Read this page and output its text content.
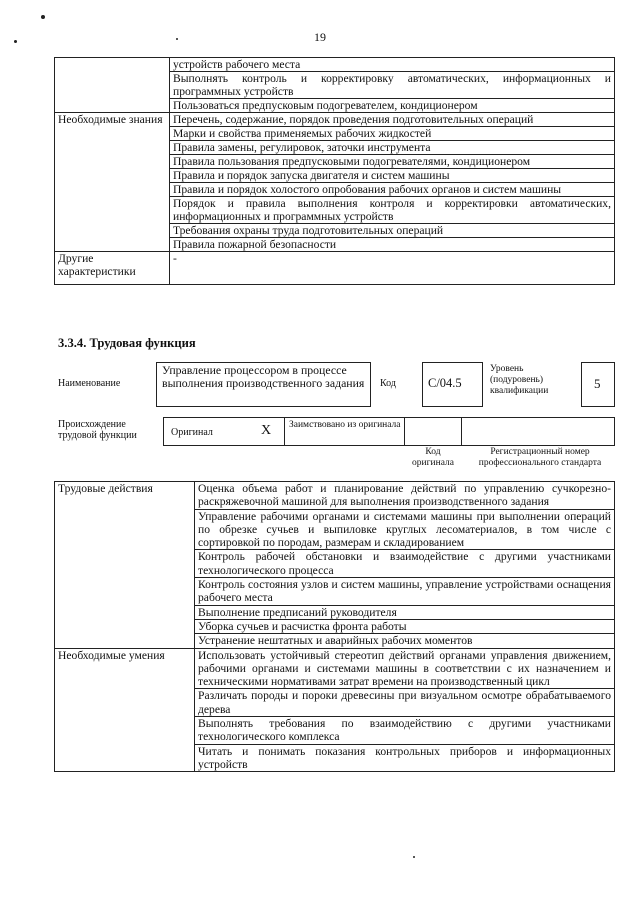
19
	устройств рабочего места
	Выполнять контроль и корректировку автоматических, информационных и программных устройств
	Пользоваться предпусковым подогревателем, кондиционером
Необходимые знания	Перечень, содержание, порядок проведения подготовительных операций
	Марки и свойства применяемых рабочих жидкостей
	Правила замены, регулировок, заточки инструмента
	Правила пользования предпусковыми подогревателями, кондиционером
	Правила и порядок запуска двигателя и систем машины
	Правила и порядок холостого опробования рабочих органов и систем машины
	Порядок и правила выполнения контроля и корректировки автоматических, информационных и программных устройств
	Требования охраны труда подготовительных операций
	Правила пожарной безопасности
Другие характеристики	-
3.3.4. Трудовая функция
Наименование
Управление процессором в процессе выполнения производственного задания Код	С/04.5
Уровень (подуровень) квалификации	5
Происхождение трудовой функции	Оригинал	X Заимствовано из оригинала
Код оригинала
Регистрационный номер профессионального стандарта
Трудовые действия	Оценка объема работ и планирование действий по управлению сучкорезно-раскряжевочной машиной для выполнения производственного задания
	Управление рабочими органами и системами машины при выполнении операций по обрезке сучьев и выпиловке круглых лесоматериалов, в том числе с сортировкой по породам, размерам и складированием
	Контроль рабочей обстановки и взаимодействие с другими участниками технологического процесса
	Контроль состояния узлов и систем машины, управление устройствами оснащения рабочего места
	Выполнение предписаний руководителя
	Уборка сучьев и расчистка фронта работы
	Устранение нештатных и аварийных рабочих моментов
Необходимые умения	Использовать устойчивый стереотип действий органами управления движением, рабочими органами и системами машины в соответствии с их назначением и техническими нормативами затрат времени на производственный цикл
	Различать породы и пороки древесины при визуальном осмотре обрабатываемого дерева
	Выполнять требования по взаимодействию с другими участниками технологического комплекса
	Читать и понимать показания контрольных приборов и информационных устройств
